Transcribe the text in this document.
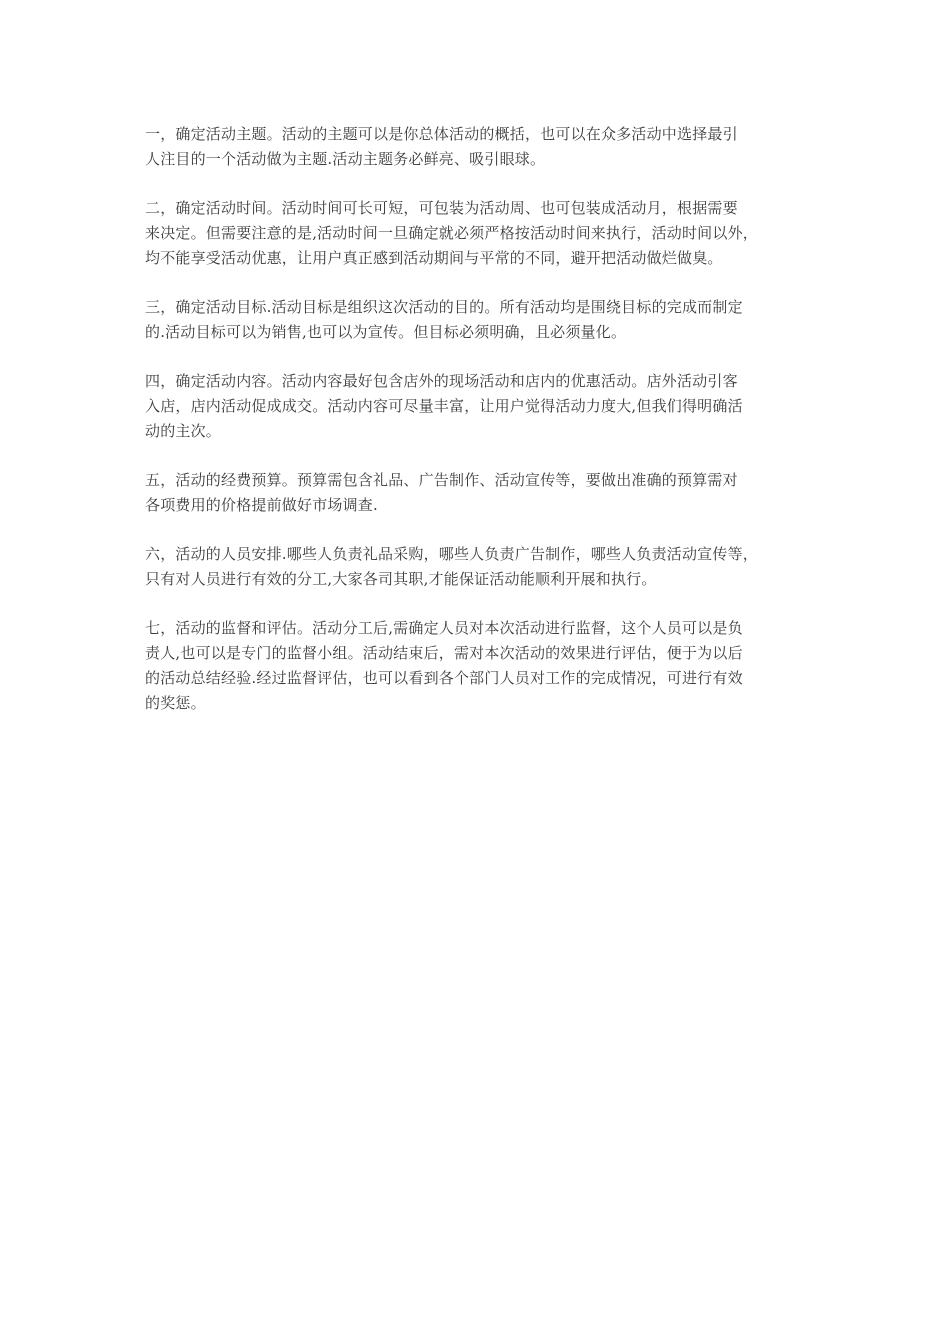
一，确定活动主题。活动的主题可以是你总体活动的概括，也可以在众多活动中选择最引
人注目的一个活动做为主题.活动主题务必鲜亮、吸引眼球。

二，确定活动时间。活动时间可长可短，可包装为活动周、也可包装成活动月，根据需要
来决定。但需要注意的是,活动时间一旦确定就必须严格按活动时间来执行，活动时间以外，
均不能享受活动优惠，让用户真正感到活动期间与平常的不同，避开把活动做烂做臭。

三，确定活动目标.活动目标是组织这次活动的目的。所有活动均是围绕目标的完成而制定
的.活动目标可以为销售,也可以为宣传。但目标必须明确，且必须量化。

四，确定活动内容。活动内容最好包含店外的现场活动和店内的优惠活动。店外活动引客
入店，店内活动促成成交。活动内容可尽量丰富，让用户觉得活动力度大,但我们得明确活
动的主次。

五，活动的经费预算。预算需包含礼品、广告制作、活动宣传等，要做出准确的预算需对
各项费用的价格提前做好市场调查.

六，活动的人员安排.哪些人负责礼品采购，哪些人负责广告制作，哪些人负责活动宣传等，
只有对人员进行有效的分工,大家各司其职,才能保证活动能顺利开展和执行。

七，活动的监督和评估。活动分工后,需确定人员对本次活动进行监督，这个人员可以是负
责人,也可以是专门的监督小组。活动结束后，需对本次活动的效果进行评估，便于为以后
的活动总结经验.经过监督评估，也可以看到各个部门人员对工作的完成情况，可进行有效
的奖惩。
